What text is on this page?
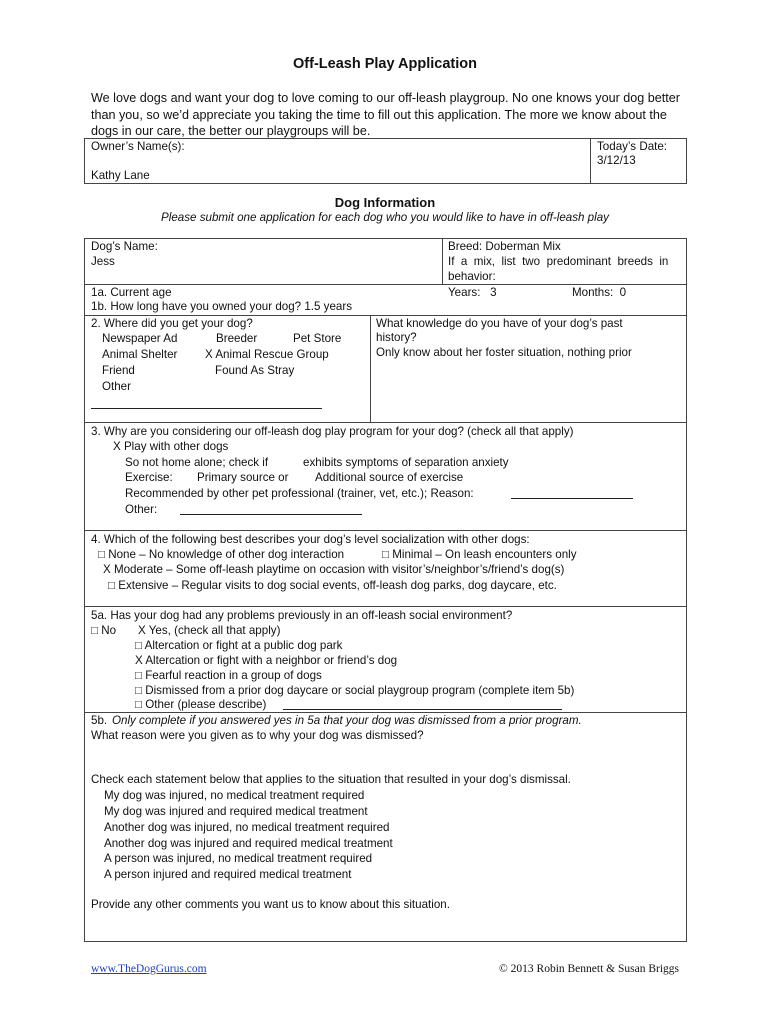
Off-Leash Play Application
We love dogs and want your dog to love coming to our off-leash playgroup. No one knows your dog better than you, so we’d appreciate you taking the time to fill out this application. The more we know about the dogs in our care, the better our playgroups will be.
Owner’s Name(s):
Kathy Lane
Today’s Date:
3/12/13
Dog Information
Please submit one application for each dog who you would like to have in off-leash play
Dog’s Name:
Jess
Breed: Doberman Mix
If  a  mix,  list  two  predominant  breeds  in
behavior:
1a. Current age	Years:   3	Months:  0
1b. How long have you owned your dog? 1.5 years
2. Where did you get your dog?
Newspaper Ad	Breeder	Pet Store
Animal Shelter X Animal Rescue Group
Friend	Found As Stray
Other
What knowledge do you have of your dog’s past
history?
Only know about her foster situation, nothing prior
3. Why are you considering our off-leash dog play program for your dog? (check all that apply)
X Play with other dogs
So not home alone; check if	exhibits symptoms of separation anxiety
Exercise: Primary source or Additional source of exercise
Recommended by other pet professional (trainer, vet, etc.); Reason:
Other:
4. Which of the following best describes your dog’s level socialization with other dogs:
□ None – No knowledge of other dog interaction	□ Minimal – On leash encounters only
X Moderate – Some off-leash playtime on occasion with visitor’s/neighbor’s/friend’s dog(s)
□ Extensive – Regular visits to dog social events, off-leash dog parks, dog daycare, etc.
5a. Has your dog had any problems previously in an off-leash social environment?
□ No X Yes, (check all that apply)
□ Altercation or fight at a public dog park
X Altercation or fight with a neighbor or friend’s dog
□ Fearful reaction in a group of dogs
□ Dismissed from a prior dog daycare or social playgroup program (complete item 5b)
□ Other (please describe)
5b. Only complete if you answered yes in 5a that your dog was dismissed from a prior program.
What reason were you given as to why your dog was dismissed?
Check each statement below that applies to the situation that resulted in your dog’s dismissal.
My dog was injured, no medical treatment required
My dog was injured and required medical treatment
Another dog was injured, no medical treatment required
Another dog was injured and required medical treatment
A person was injured, no medical treatment required
A person injured and required medical treatment
Provide any other comments you want us to know about this situation.
www.TheDogGurus.com	© 2013 Robin Bennett & Susan Briggs
